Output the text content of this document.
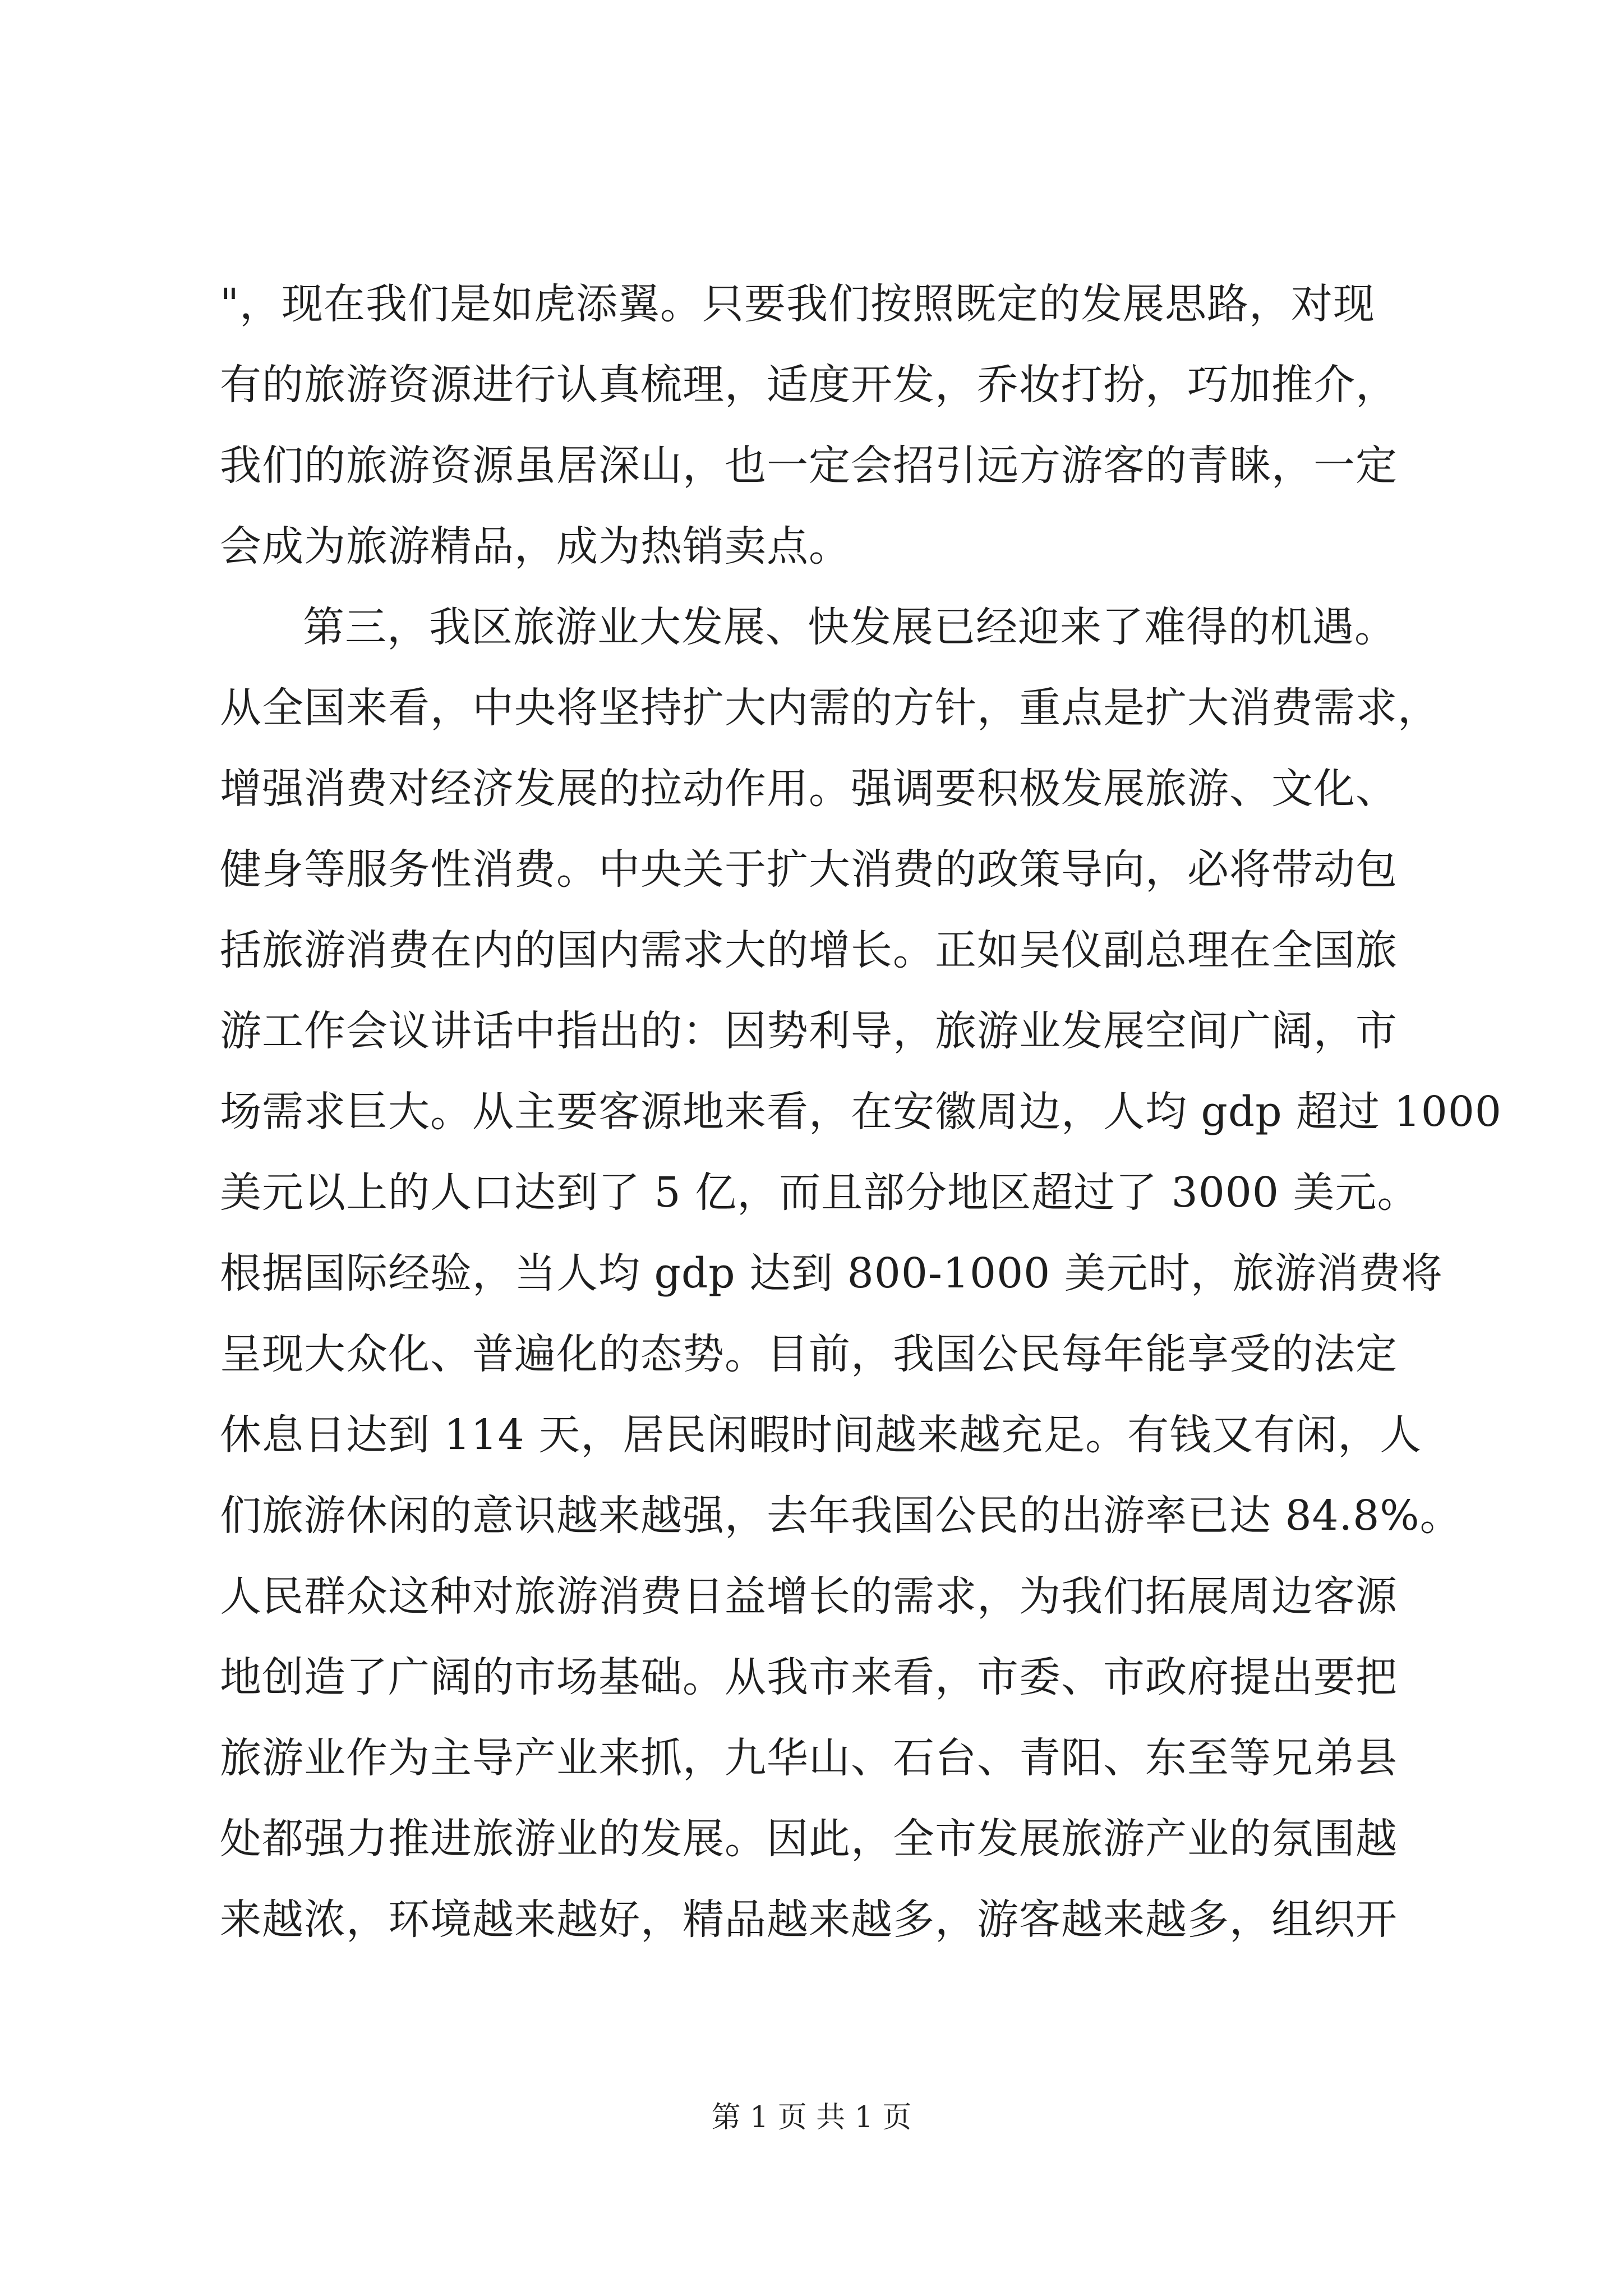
"，现在我们是如虎添翼。只要我们按照既定的发展思路，对现
有的旅游资源进行认真梳理，适度开发，乔妆打扮，巧加推介，
我们的旅游资源虽居深山，也一定会招引远方游客的青睐，一定
会成为旅游精品，成为热销卖点。
第三，我区旅游业大发展、快发展已经迎来了难得的机遇。
从全国来看，中央将坚持扩大内需的方针，重点是扩大消费需求，
增强消费对经济发展的拉动作用。强调要积极发展旅游、文化、
健身等服务性消费。中央关于扩大消费的政策导向，必将带动包
括旅游消费在内的国内需求大的增长。正如吴仪副总理在全国旅
游工作会议讲话中指出的：因势利导，旅游业发展空间广阔，市
场需求巨大。从主要客源地来看，在安徽周边，人均 gdp 超过 1000
美元以上的人口达到了 5 亿，而且部分地区超过了 3000 美元。
根据国际经验，当人均 gdp 达到 800-1000 美元时，旅游消费将
呈现大众化、普遍化的态势。目前，我国公民每年能享受的法定
休息日达到 114 天，居民闲暇时间越来越充足。有钱又有闲，人
们旅游休闲的意识越来越强，去年我国公民的出游率已达 84.8%。
人民群众这种对旅游消费日益增长的需求，为我们拓展周边客源
地创造了广阔的市场基础。从我市来看，市委、市政府提出要把
旅游业作为主导产业来抓，九华山、石台、青阳、东至等兄弟县
处都强力推进旅游业的发展。因此，全市发展旅游产业的氛围越
来越浓，环境越来越好，精品越来越多，游客越来越多，组织开
第 1 页 共 1 页
